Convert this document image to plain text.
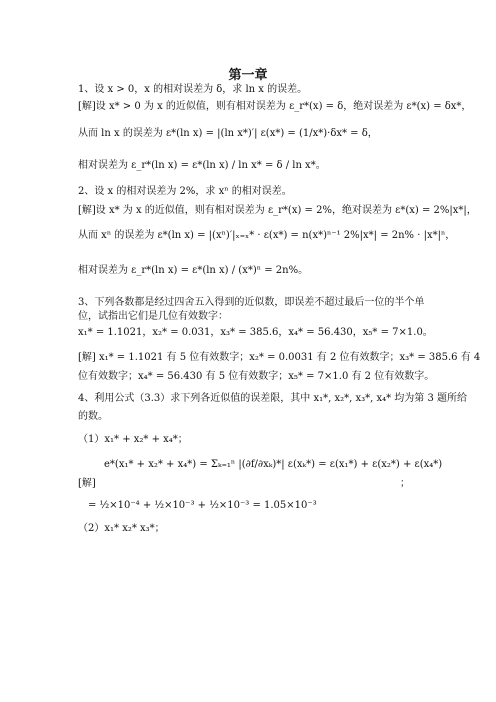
第一章
1、设 x > 0，x 的相对误差为 δ，求 ln x 的误差。
[解]设 x* > 0 为 x 的近似值，则有相对误差为 ε_r*(x) = δ，绝对误差为 ε*(x) = δx*，
从而 ln x 的误差为 ε*(ln x) = |(ln x*)′| ε(x*) = (1/x*)·δx* = δ，
相对误差为 ε_r*(ln x) = ε*(ln x) / ln x* = δ / ln x*。
2、设 x 的相对误差为 2%，求 xⁿ 的相对误差。
[解]设 x* 为 x 的近似值，则有相对误差为 ε_r*(x) = 2%，绝对误差为 ε*(x) = 2%|x*|，
从而 xⁿ 的误差为 ε*(ln x) = |(xⁿ)′|ₓ₌ₓ* · ε(x*) = n(x*)ⁿ⁻¹ 2%|x*| = 2n% · |x*|ⁿ，
相对误差为 ε_r*(ln x) = ε*(ln x) / (x*)ⁿ = 2n%。
3、下列各数都是经过四舍五入得到的近似数，即误差不超过最后一位的半个单
位，试指出它们是几位有效数字：
x₁* = 1.1021，x₂* = 0.031，x₃* = 385.6，x₄* = 56.430，x₅* = 7×1.0。
[解] x₁* = 1.1021 有 5 位有效数字；x₂* = 0.0031 有 2 位有效数字；x₃* = 385.6 有 4
位有效数字；x₄* = 56.430 有 5 位有效数字；x₅* = 7×1.0 有 2 位有效数字。
4、利用公式（3.3）求下列各近似值的误差限，其中 x₁*, x₂*, x₃*, x₄* 均为第 3 题所给
的数。
（1）x₁* + x₂* + x₄*；
e*(x₁* + x₂* + x₄*) = Σₖ₌₁ⁿ |(∂f/∂xₖ)*| ε(xₖ*) = ε(x₁*) + ε(x₂*) + ε(x₄*)
[解]	；
= ½×10⁻⁴ + ½×10⁻³ + ½×10⁻³ = 1.05×10⁻³
（2）x₁* x₂* x₃*；
